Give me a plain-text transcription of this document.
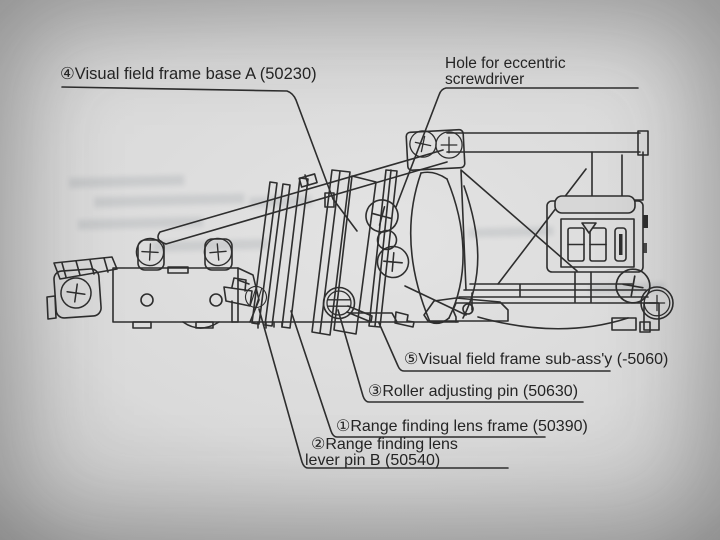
④Visual field frame base A (50230)
Hole for eccentric
screwdriver
⑤Visual field frame sub-ass'y (-5060)
③Roller adjusting pin (50630)
①Range finding lens frame (50390)
②Range finding lens
lever pin B (50540)
